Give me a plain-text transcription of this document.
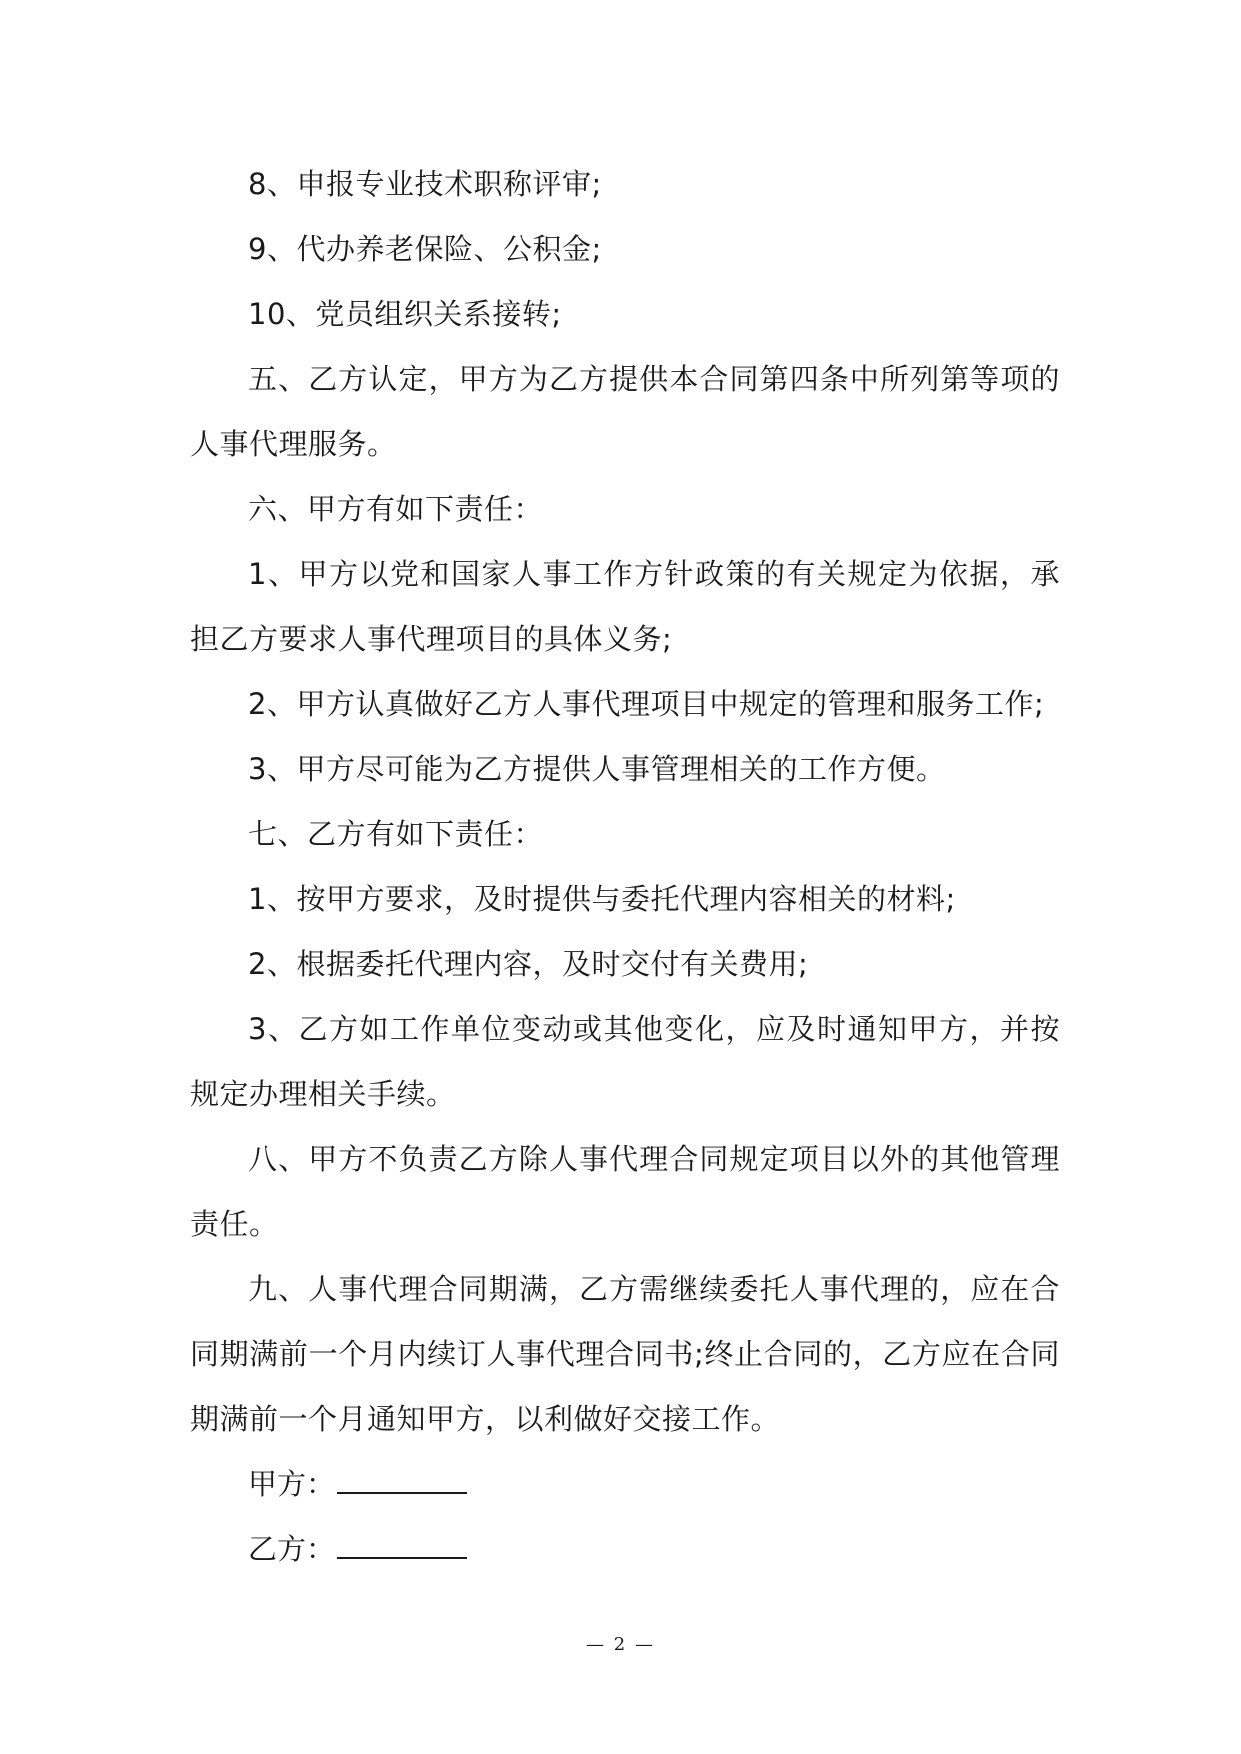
8、申报专业技术职称评审;

9、代办养老保险、公积金;

10、党员组织关系接转;

五、乙方认定，甲方为乙方提供本合同第四条中所列第等项的人事代理服务。

六、甲方有如下责任：

1、甲方以党和国家人事工作方针政策的有关规定为依据，承担乙方要求人事代理项目的具体义务;

2、甲方认真做好乙方人事代理项目中规定的管理和服务工作;

3、甲方尽可能为乙方提供人事管理相关的工作方便。

七、乙方有如下责任：

1、按甲方要求，及时提供与委托代理内容相关的材料;

2、根据委托代理内容，及时交付有关费用;

3、乙方如工作单位变动或其他变化，应及时通知甲方，并按规定办理相关手续。

八、甲方不负责乙方除人事代理合同规定项目以外的其他管理责任。

九、人事代理合同期满，乙方需继续委托人事代理的，应在合同期满前一个月内续订人事代理合同书;终止合同的，乙方应在合同期满前一个月通知甲方，以利做好交接工作。

甲方：
乙方：
— 2 —
